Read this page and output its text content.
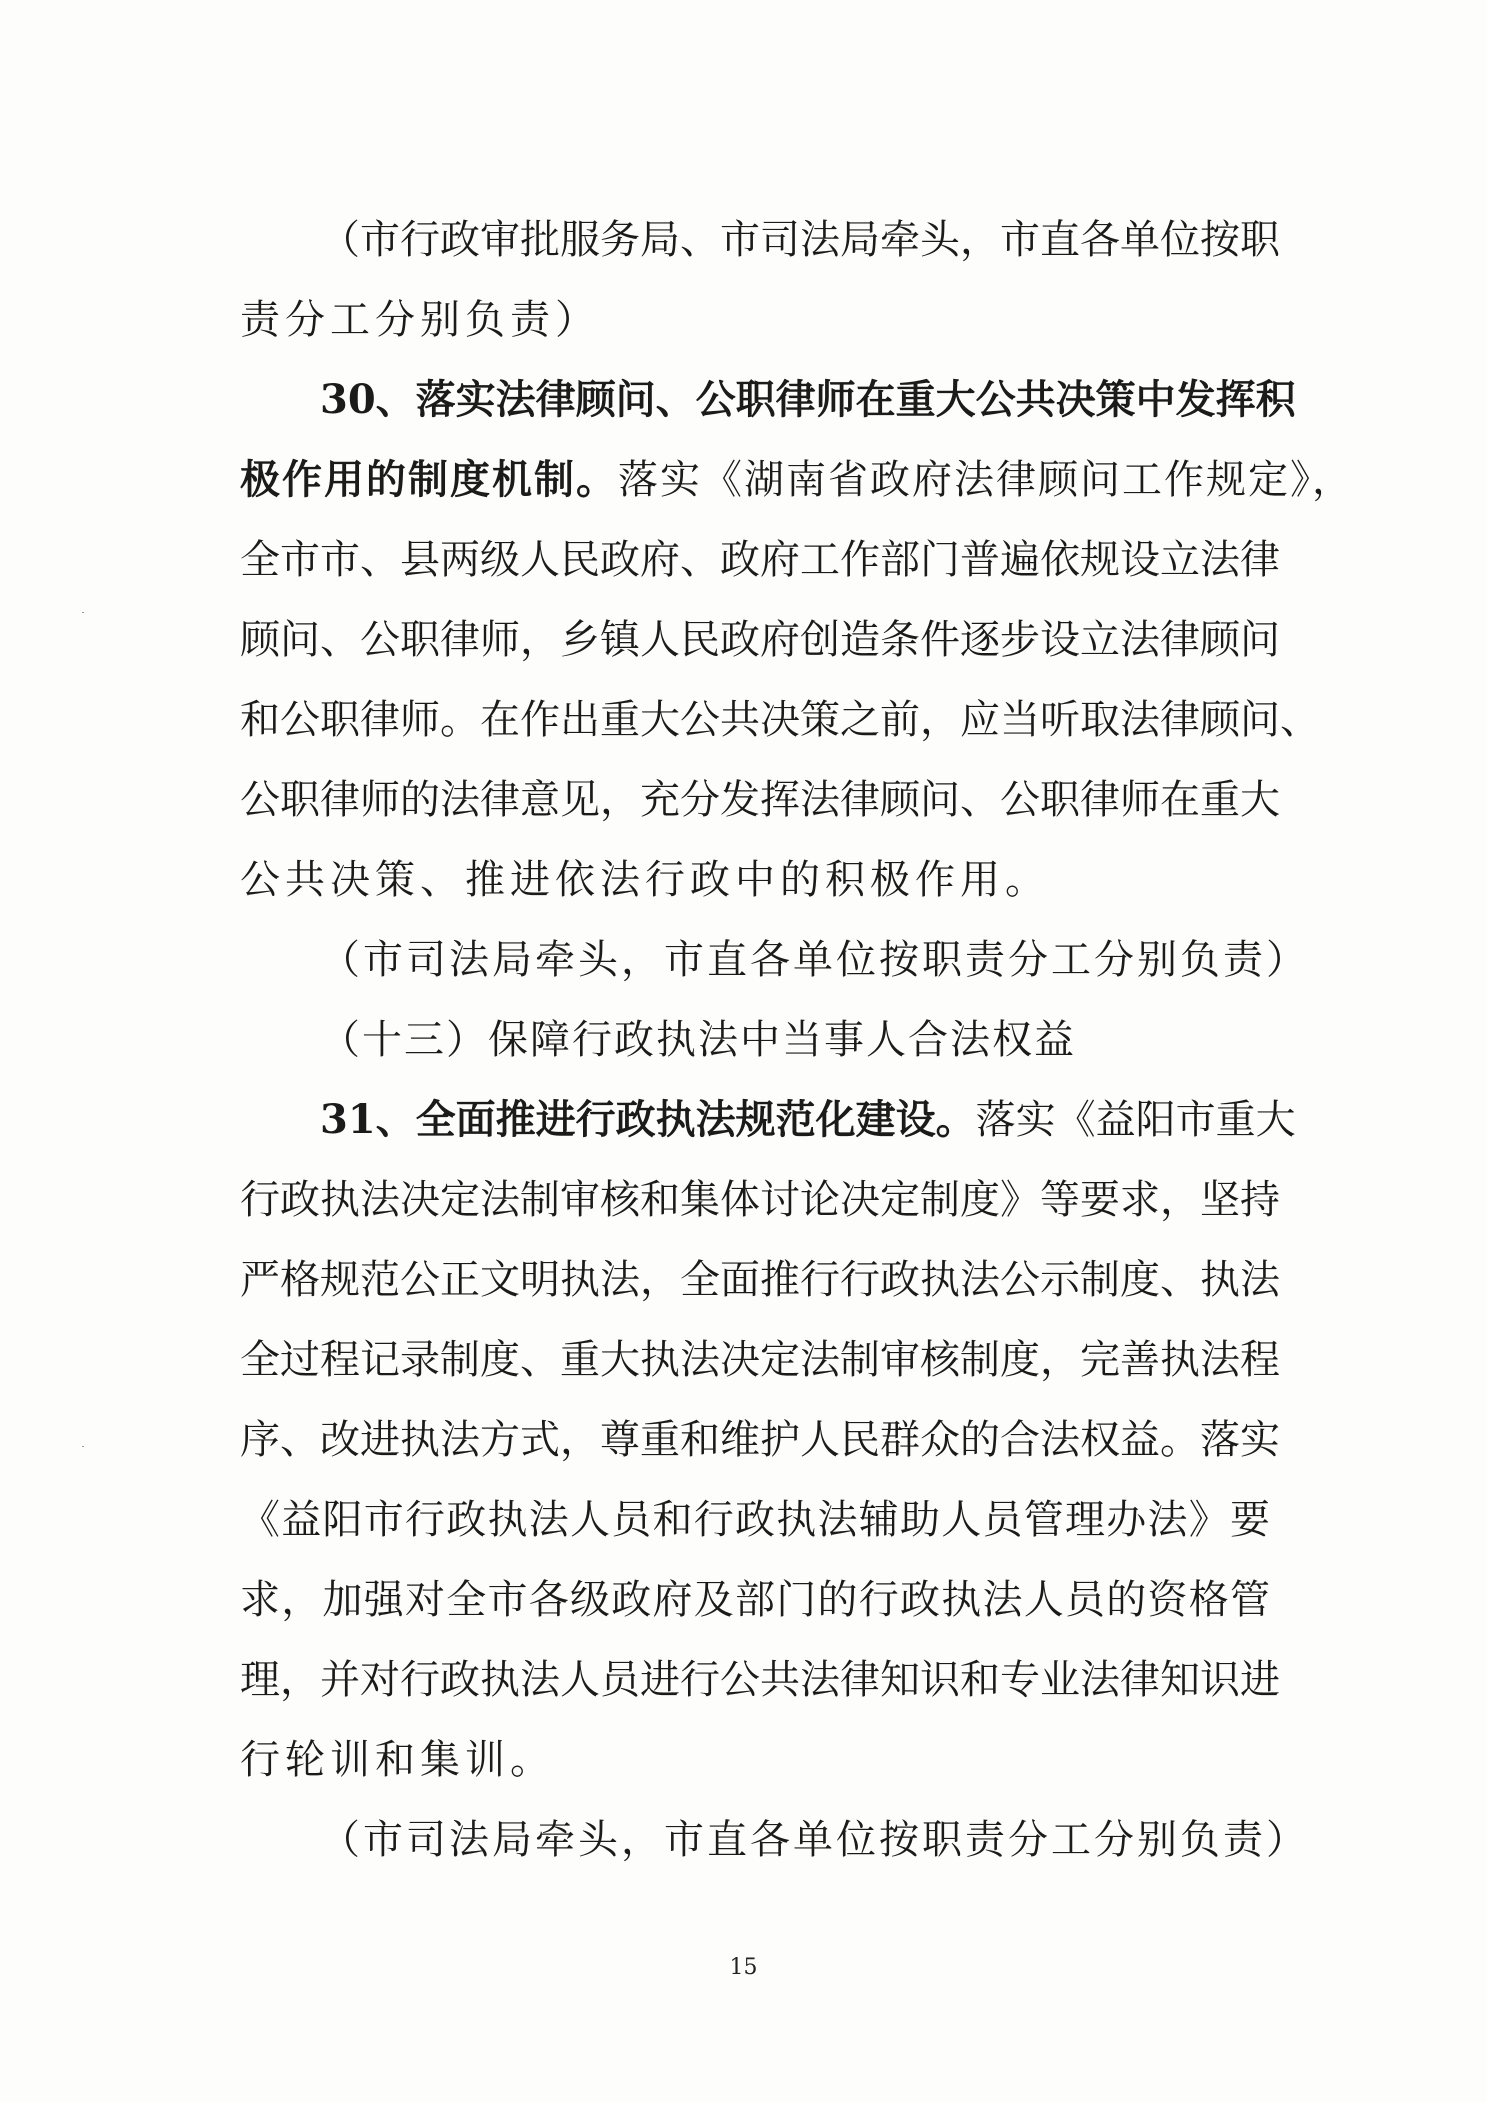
（市行政审批服务局、市司法局牵头，市直各单位按职
责分工分别负责）
30、落实法律顾问、公职律师在重大公共决策中发挥积
极作用的制度机制。落实《湖南省政府法律顾问工作规定》，
全市市、县两级人民政府、政府工作部门普遍依规设立法律
顾问、公职律师，乡镇人民政府创造条件逐步设立法律顾问
和公职律师。在作出重大公共决策之前，应当听取法律顾问、
公职律师的法律意见，充分发挥法律顾问、公职律师在重大
公共决策、推进依法行政中的积极作用。
（市司法局牵头，市直各单位按职责分工分别负责）
（十三）保障行政执法中当事人合法权益
31、全面推进行政执法规范化建设。落实《益阳市重大
行政执法决定法制审核和集体讨论决定制度》等要求，坚持
严格规范公正文明执法，全面推行行政执法公示制度、执法
全过程记录制度、重大执法决定法制审核制度，完善执法程
序、改进执法方式，尊重和维护人民群众的合法权益。落实
《益阳市行政执法人员和行政执法辅助人员管理办法》要
求，加强对全市各级政府及部门的行政执法人员的资格管
理，并对行政执法人员进行公共法律知识和专业法律知识进
行轮训和集训。
（市司法局牵头，市直各单位按职责分工分别负责）
15
